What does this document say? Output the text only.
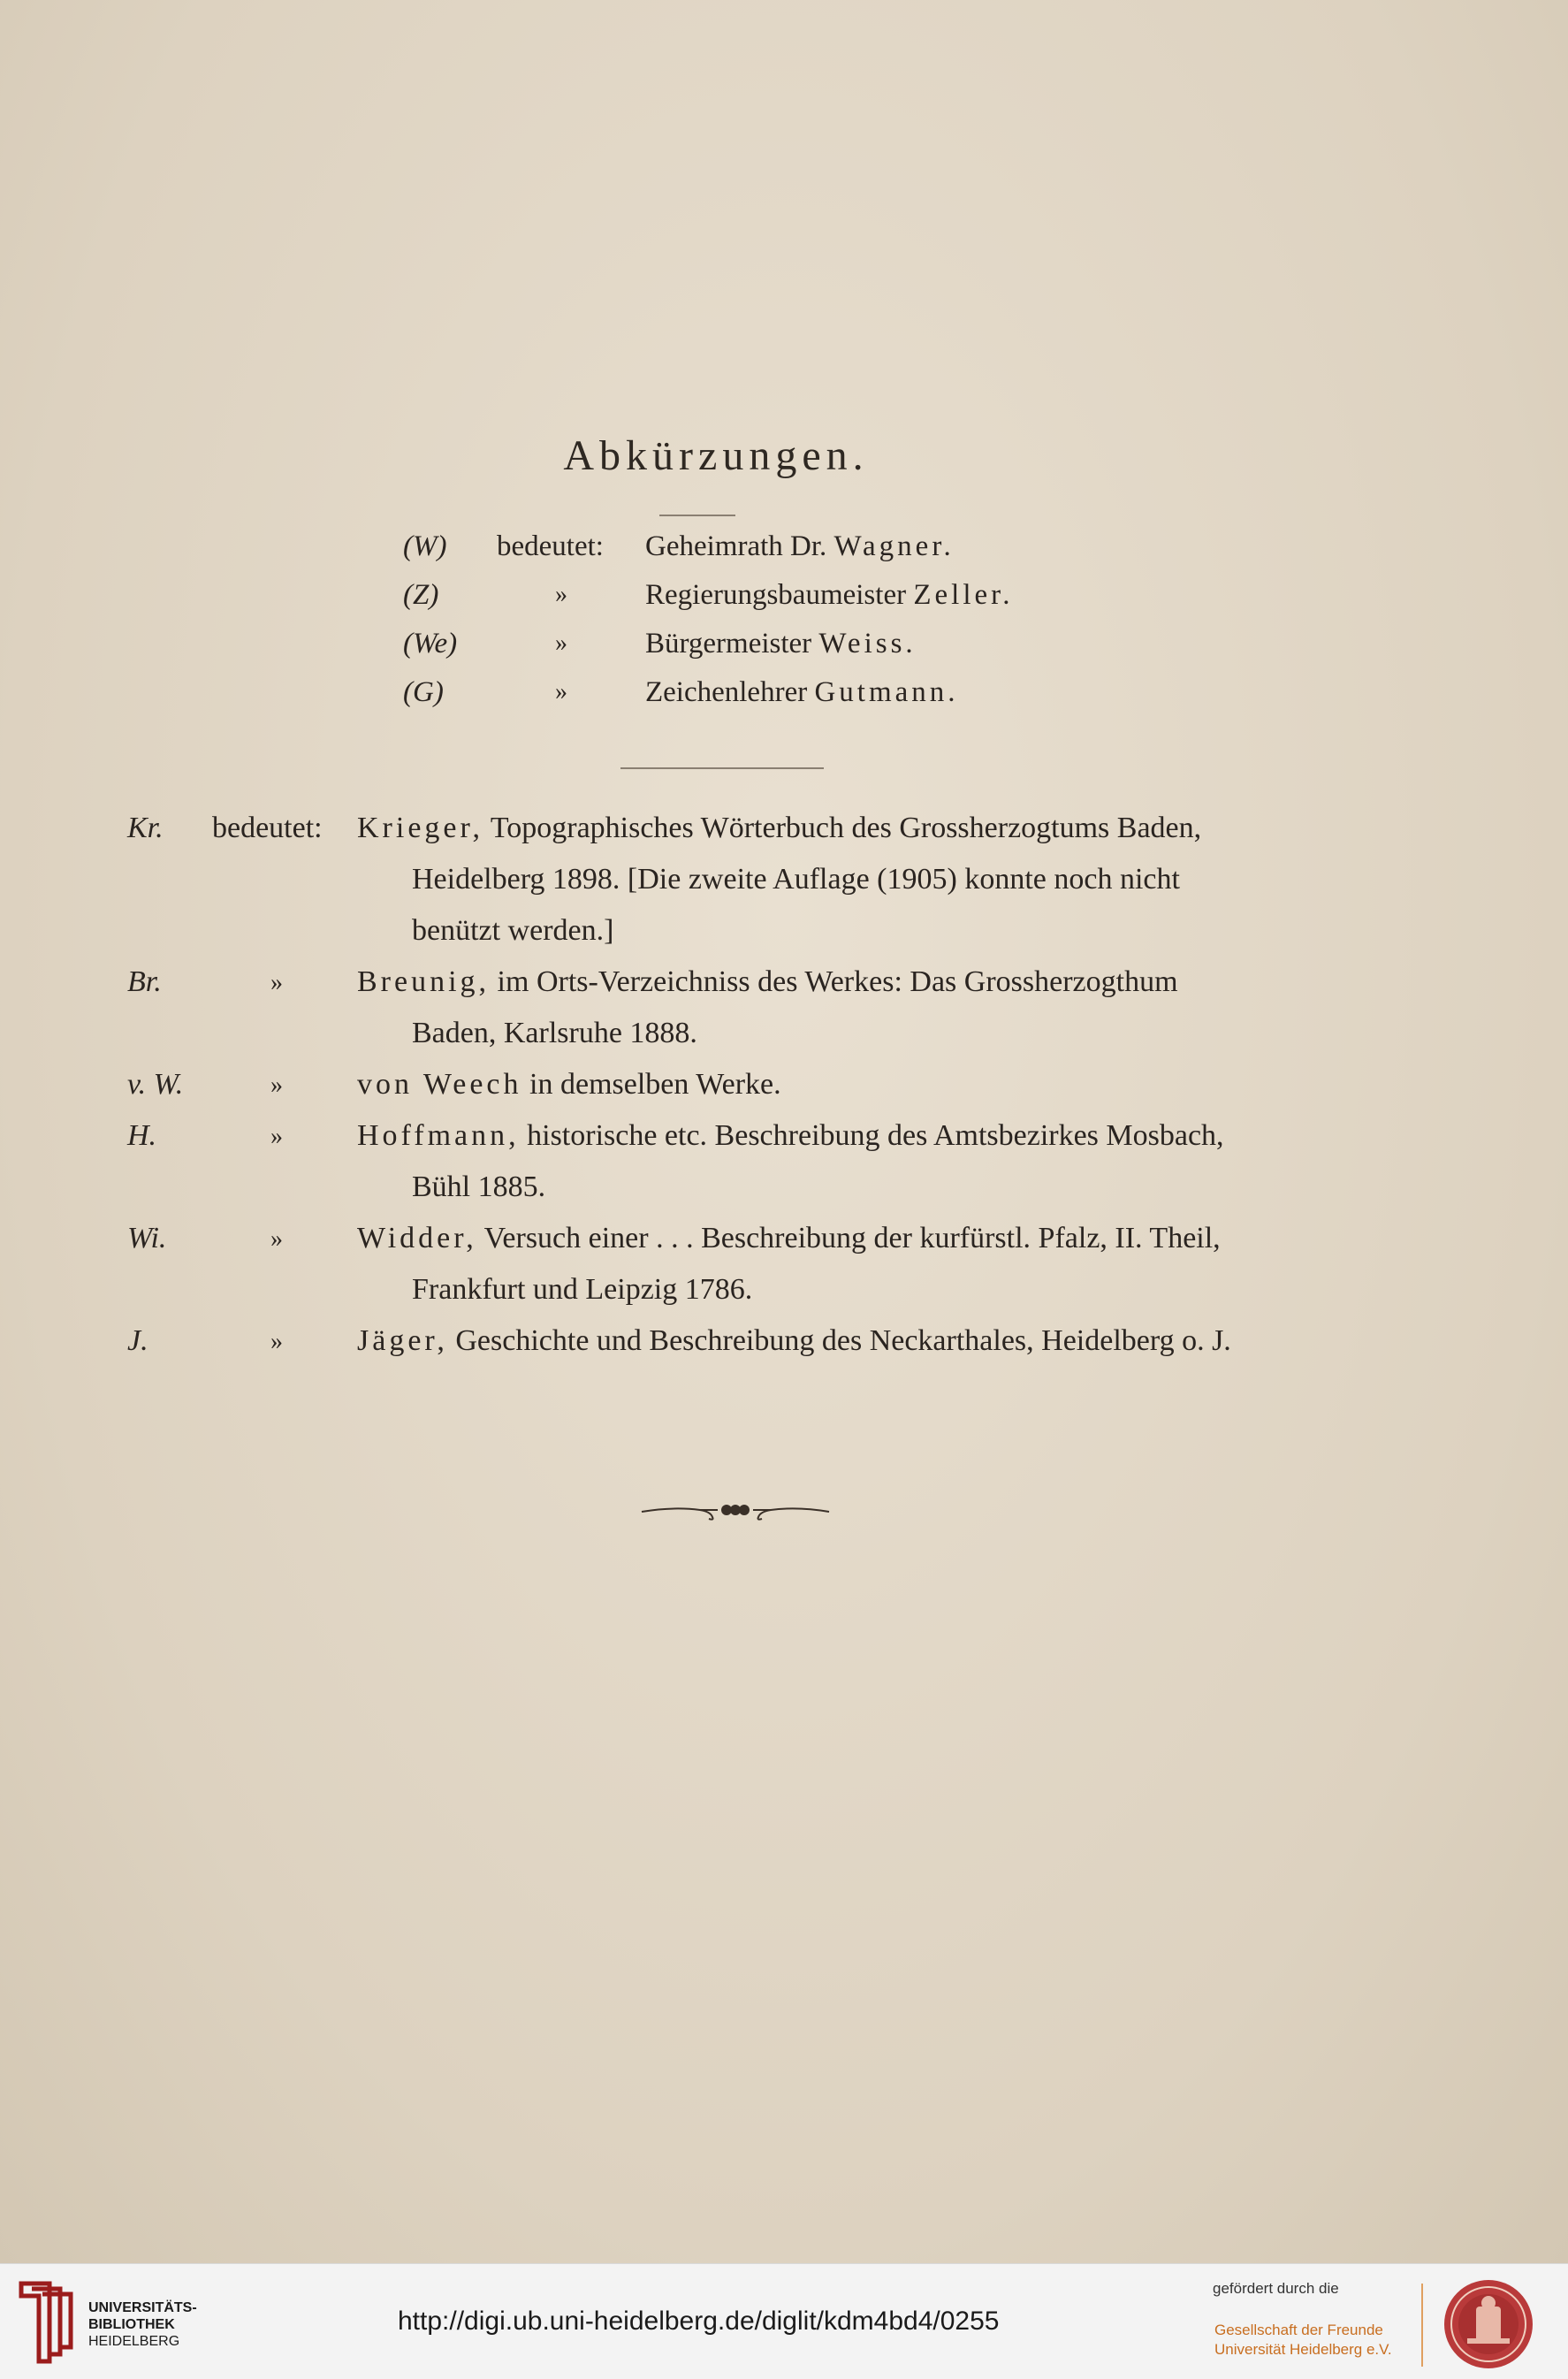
Abkürzungen.
(W) bedeutet: Geheimrath Dr. Wagner.
(Z)	»	Regierungsbaumeister Zeller.
(We)	»	Bürgermeister Weiss.
(G)	»	Zeichenlehrer Gutmann.
Kr. bedeutet: Krieger, Topographisches Wörterbuch des Grossherzogtums Baden,
Heidelberg 1898. [Die zweite Auflage (1905) konnte noch nicht
benützt werden.]
Br.	» Breunig, im Orts-Verzeichniss des Werkes: Das Grossherzogthum
Baden, Karlsruhe 1888.
v. W.	» von Weech in demselben Werke.
H.	» Hoffmann, historische etc. Beschreibung des Amtsbezirkes Mosbach,
Bühl 1885.
Wi.	» Widder, Versuch einer . . . Beschreibung der kurfürstl. Pfalz, II. Theil,
Frankfurt und Leipzig 1786.
J.	» Jäger, Geschichte und Beschreibung des Neckarthales, Heidelberg o. J.
UNIVERSITÄTS-
BIBLIOTHEK
HEIDELBERG
http://digi.ub.uni-heidelberg.de/diglit/kdm4bd4/0255
gefördert durch die
Gesellschaft der Freunde
Universität Heidelberg e.V.
